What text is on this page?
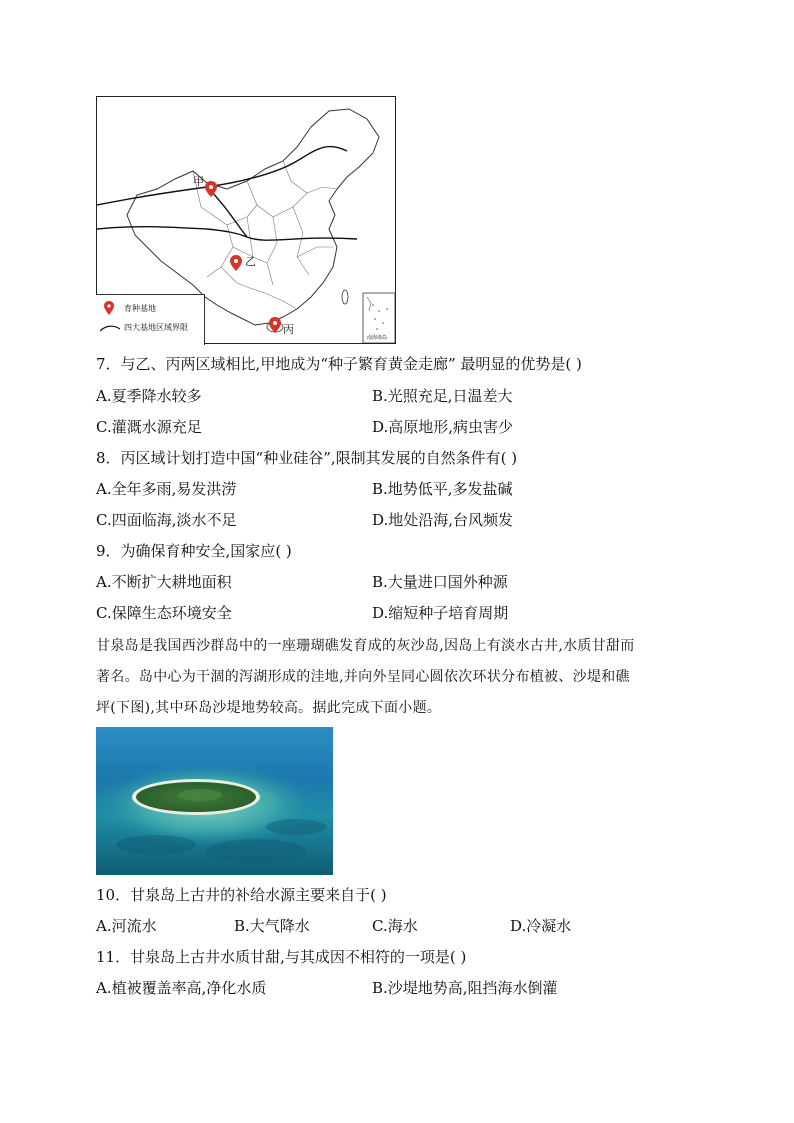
甲
乙
丙
南海诸岛
育种基地
四大基地区域界限
7．与乙、丙两区域相比,甲地成为“种子繁育黄金走廊” 最明显的优势是( )
A.夏季降水较多	B.光照充足,日温差大
C.灌溉水源充足	D.高原地形,病虫害少
8．丙区域计划打造中国“种业硅谷”,限制其发展的自然条件有( )
A.全年多雨,易发洪涝	B.地势低平,多发盐碱
C.四面临海,淡水不足	D.地处沿海,台风频发
9．为确保育种安全,国家应( )
A.不断扩大耕地面积	B.大量进口国外种源
C.保障生态环境安全	D.缩短种子培育周期
甘泉岛是我国西沙群岛中的一座珊瑚礁发育成的灰沙岛,因岛上有淡水古井,水质甘甜而
著名。岛中心为干涸的泻湖形成的洼地,并向外呈同心圆依次环状分布植被、沙堤和礁
坪(下图),其中环岛沙堤地势较高。据此完成下面小题。
10．甘泉岛上古井的补给水源主要来自于( )
A.河流水	B.大气降水	C.海水	D.冷凝水
11．甘泉岛上古井水质甘甜,与其成因不相符的一项是( )
A.植被覆盖率高,净化水质	B.沙堤地势高,阻挡海水倒灌
